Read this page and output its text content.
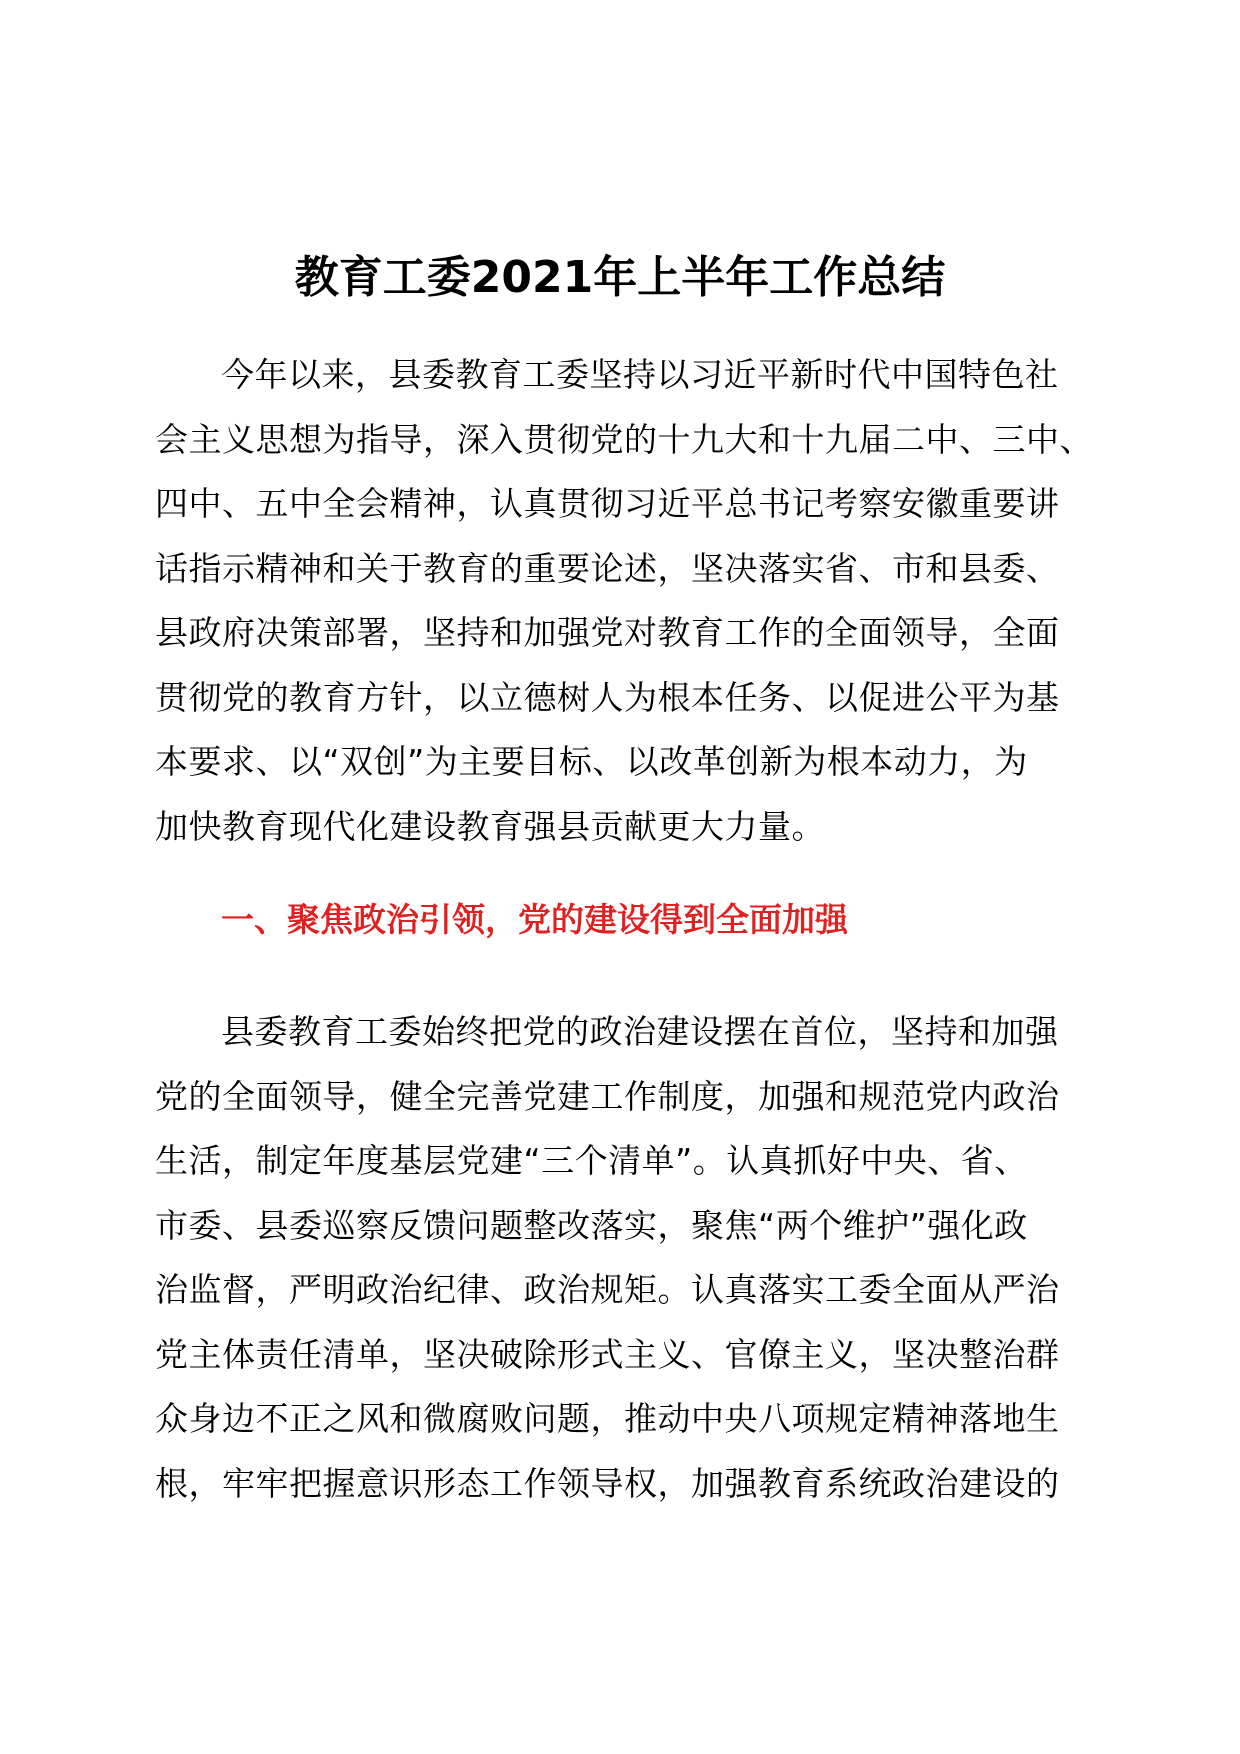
教育工委2021年上半年工作总结
今年以来，县委教育工委坚持以习近平新时代中国特色社
会主义思想为指导，深入贯彻党的十九大和十九届二中、三中、
四中、五中全会精神，认真贯彻习近平总书记考察安徽重要讲
话指示精神和关于教育的重要论述，坚决落实省、市和县委、
县政府决策部署，坚持和加强党对教育工作的全面领导，全面
贯彻党的教育方针，以立德树人为根本任务、以促进公平为基
本要求、以“双创”为主要目标、以改革创新为根本动力，为
加快教育现代化建设教育强县贡献更大力量。
一、聚焦政治引领，党的建设得到全面加强
县委教育工委始终把党的政治建设摆在首位，坚持和加强
党的全面领导，健全完善党建工作制度，加强和规范党内政治
生活，制定年度基层党建“三个清单”。认真抓好中央、省、
市委、县委巡察反馈问题整改落实，聚焦“两个维护”强化政
治监督，严明政治纪律、政治规矩。认真落实工委全面从严治
党主体责任清单，坚决破除形式主义、官僚主义，坚决整治群
众身边不正之风和微腐败问题，推动中央八项规定精神落地生
根，牢牢把握意识形态工作领导权，加强教育系统政治建设的
